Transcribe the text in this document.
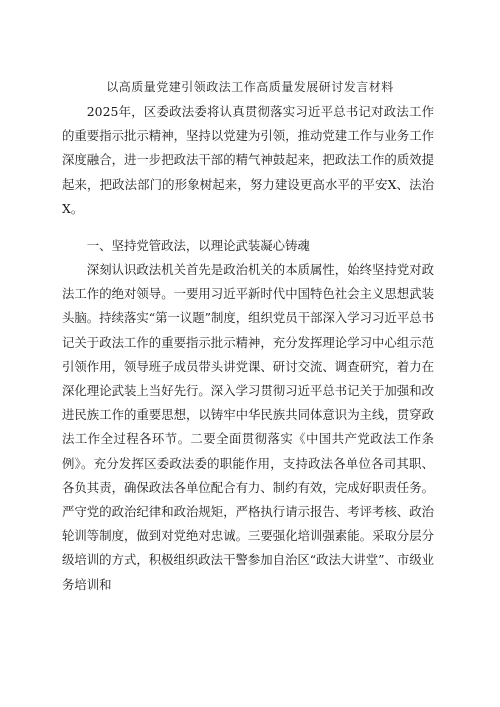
以高质量党建引领政法工作高质量发展研讨发言材料
2025年，区委政法委将认真贯彻落实习近平总书记对政法工作的重要指示批示精神，坚持以党建为引领，推动党建工作与业务工作深度融合，进一步把政法干部的精气神鼓起来，把政法工作的质效提起来，把政法部门的形象树起来，努力建设更高水平的平安X、法治X。
一、坚持党管政法，以理论武装凝心铸魂
深刻认识政法机关首先是政治机关的本质属性，始终坚持党对政法工作的绝对领导。一要用习近平新时代中国特色社会主义思想武装头脑。持续落实“第一议题”制度，组织党员干部深入学习习近平总书记关于政法工作的重要指示批示精神，充分发挥理论学习中心组示范引领作用，领导班子成员带头讲党课、研讨交流、调查研究，着力在深化理论武装上当好先行。深入学习贯彻习近平总书记关于加强和改进民族工作的重要思想，以铸牢中华民族共同体意识为主线，贯穿政法工作全过程各环节。二要全面贯彻落实《中国共产党政法工作条例》。充分发挥区委政法委的职能作用，支持政法各单位各司其职、各负其责，确保政法各单位配合有力、制约有效，完成好职责任务。严守党的政治纪律和政治规矩，严格执行请示报告、考评考核、政治轮训等制度，做到对党绝对忠诚。三要强化培训强素能。采取分层分级培训的方式，积极组织政法干警参加自治区“政法大讲堂”、市级业务培训和
